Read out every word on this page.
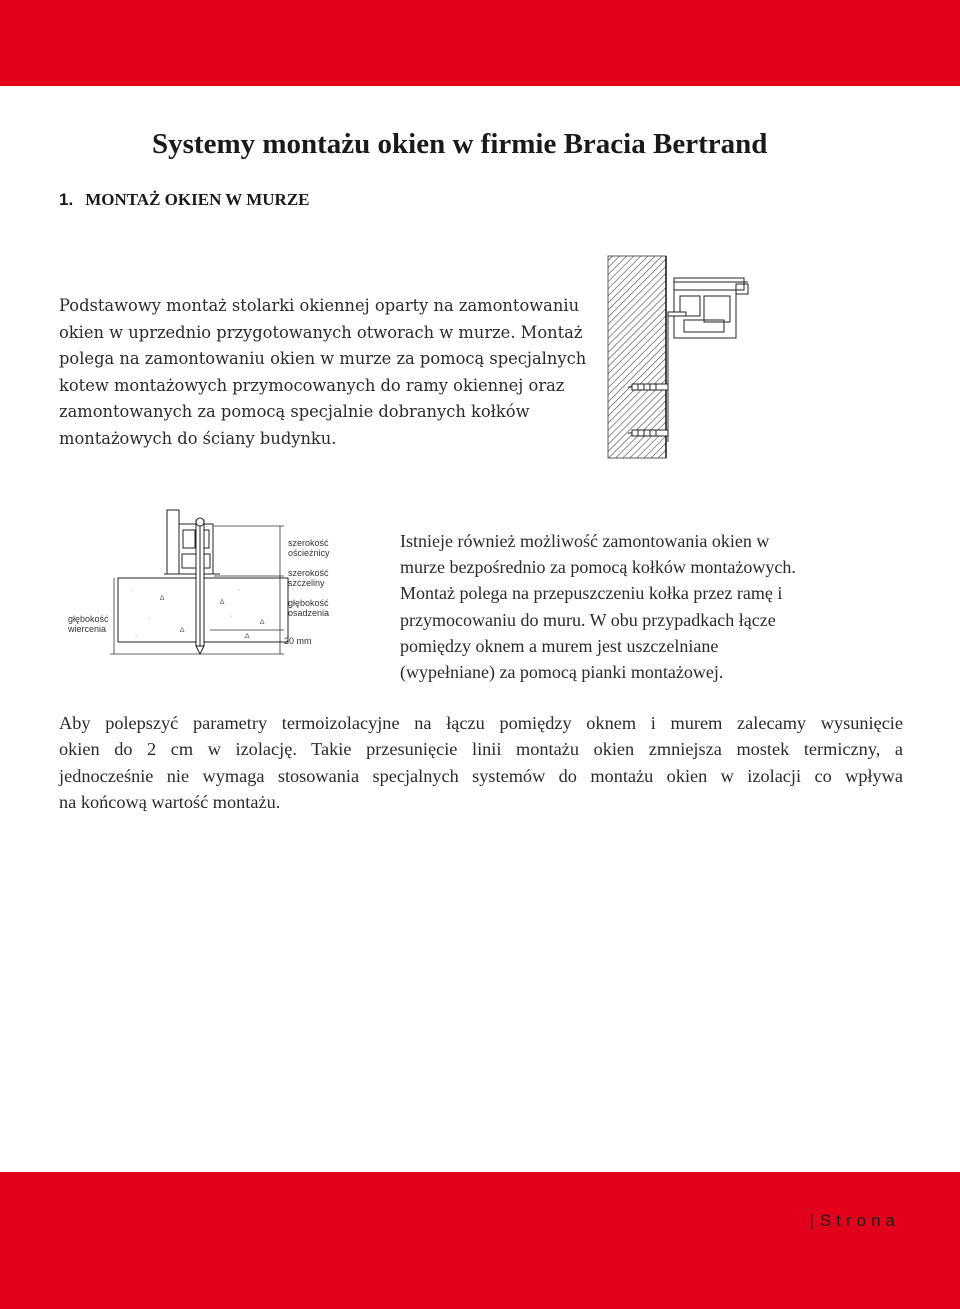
Systemy montażu okien w firmie Bracia Bertrand
1. MONTAŻ OKIEN W MURZE

Podstawowy montaż stolarki okiennej oparty na zamontowaniu
okien w uprzednio przygotowanych otworach w murze. Montaż
polega na zamontowaniu okien w murze za pomocą specjalnych
kotew montażowych przymocowanych do ramy okiennej oraz
zamontowanych za pomocą specjalnie dobranych kołków
montażowych do ściany budynku.

·
∆
·
∆
·
∆
∆
·	∆
·
szerokość ościeżnicy
szerokość szczeliny
głębokość osadzenia
głębokość wiercenia
20 mm

Istnieje również możliwość zamontowania okien w
murze bezpośrednio za pomocą kołków montażowych.
Montaż polega na przepuszczeniu kołka przez ramę i
przymocowaniu do muru. W obu przypadkach łącze
pomiędzy oknem a murem jest uszczelniane
(wypełniane) za pomocą pianki montażowej.

Aby polepszyć parametry termoizolacyjne na łączu pomiędzy oknem i murem zalecamy wysunięcie
okien do 2 cm w izolację. Takie przesunięcie linii montażu okien zmniejsza mostek termiczny, a
jednocześnie nie wymaga stosowania specjalnych systemów do montażu okien w izolacji co wpływa
na końcową wartość montażu.

3 | Strona
